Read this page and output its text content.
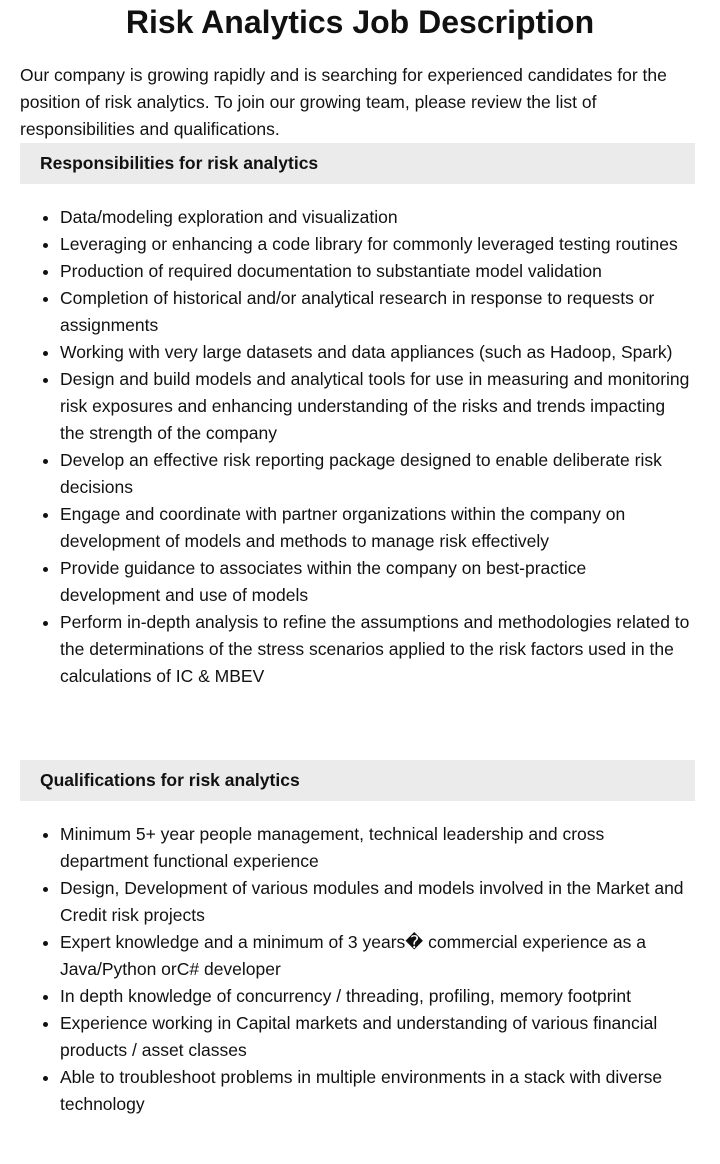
Risk Analytics Job Description

Our company is growing rapidly and is searching for experienced candidates for the position of risk analytics. To join our growing team, please review the list of responsibilities and qualifications.

Responsibilities for risk analytics
• Data/modeling exploration and visualization
• Leveraging or enhancing a code library for commonly leveraged testing routines
• Production of required documentation to substantiate model validation
• Completion of historical and/or analytical research in response to requests or assignments
• Working with very large datasets and data appliances (such as Hadoop, Spark)
• Design and build models and analytical tools for use in measuring and monitoring risk exposures and enhancing understanding of the risks and trends impacting the strength of the company
• Develop an effective risk reporting package designed to enable deliberate risk decisions
• Engage and coordinate with partner organizations within the company on development of models and methods to manage risk effectively
• Provide guidance to associates within the company on best-practice development and use of models
• Perform in-depth analysis to refine the assumptions and methodologies related to the determinations of the stress scenarios applied to the risk factors used in the calculations of IC & MBEV
Qualifications for risk analytics
• Minimum 5+ year people management, technical leadership and cross department functional experience
• Design, Development of various modules and models involved in the Market and Credit risk projects
• Expert knowledge and a minimum of 3 years� commercial experience as a Java/Python orC# developer
• In depth knowledge of concurrency / threading, profiling, memory footprint
• Experience working in Capital markets and understanding of various financial products / asset classes
• Able to troubleshoot problems in multiple environments in a stack with diverse technology
